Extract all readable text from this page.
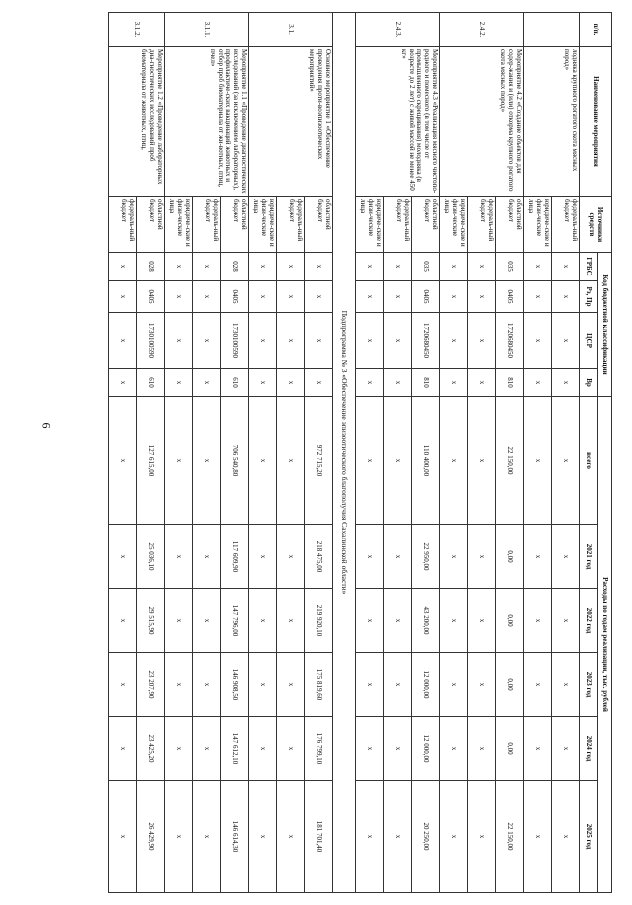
6
п/п.	Наименование мероприятия	Источники средств	Код бюджетной классификации				Расходы по годам реализации, тыс. рублей					
			ГРБС	Рз, Пр	ЦСР	Вр	всего	2021 год	2022 год	2023 год	2024 год	2025 год
	лодняка крупного рогатого скота мясных пород»	федераль-ный бюджет	x	x	x	x	x	x	x	x	x	x
		юридиче-ские и физи-ческие лица	x	x	x	x	x	x	x	x	x	x
2.4.2.	Мероприятие 4.2 «Создание объектов для содер-жания и (или) откорма крупного рогатого скота мясных пород»	областной бюджет	035	0405	1720680450	810	22 150,00	0,00	0,00	0,00	0,00	22 150,00
		федераль-ный бюджет	x	x	x	x	x	x	x	x	x	x
		юридиче-ские и физи-ческие лица	x	x	x	x	x	x	x	x	x	x
2.4.3.	Мероприятие 4.3 «Реализация мясного чистопо-родного и помесного (в том числе от промышленного скрещивания) молодняка (в возрасте до 2 лет) с живой массой не менее 450 кг»	областной бюджет	035	0405	1720680450	810	110 400,00	22 950,00	43 200,00	12 000,00	12 000,00	20 250,00
		федераль-ный бюджет	x	x	x	x	x	x	x	x	x	x
		юридиче-ские и физи-ческие лица	x	x	x	x	x	x	x	x	x	x
Подпрограмма № 3 «Обеспечение эпизоотического благополучия Сахалинской области»												
3.1.	Основное мероприятие 1 «Обеспечение проведения проти-воэпизоотических мероприятий»	областной бюджет	x	x	x	x	972 715,20	218 475,00	219 920,10	175 819,60	176 799,10	181 701,40
		федераль-ный бюджет	x	x	x	x	x	x	x	x	x	x
		юридиче-ские и физи-ческие лица	x	x	x	x	x	x	x	x	x	x
3.1.1.	Мероприятие 1.1 «Проведение диагностических исследований (за исключением лабораторных), профилактиче-ских вакцинаций животных и отбор проб биоматериала от жи-вотных, птиц, пчел»	областной бюджет	028	0405	1730100590	610	706 540,80	117 609,90	147 796,00	146 908,50	147 612,10	146 614,30
		федераль-ный бюджет	x	x	x	x	x	x	x	x	x	x
		юридиче-ские и физи-ческие лица	x	x	x	x	x	x	x	x	x	x
3.1.2.	Мероприятие 1.2 «Проведение лабораторных диа-гностических исследований проб биоматериала от животных, птиц,	областной бюджет	028	0405	1730100590	610	127 615,00	25 036,10	29 515,90	23 207,90	23 425,20	26 429,90
		федераль-ный бюджет	x	x	x	x	x	x	x	x	x	x
